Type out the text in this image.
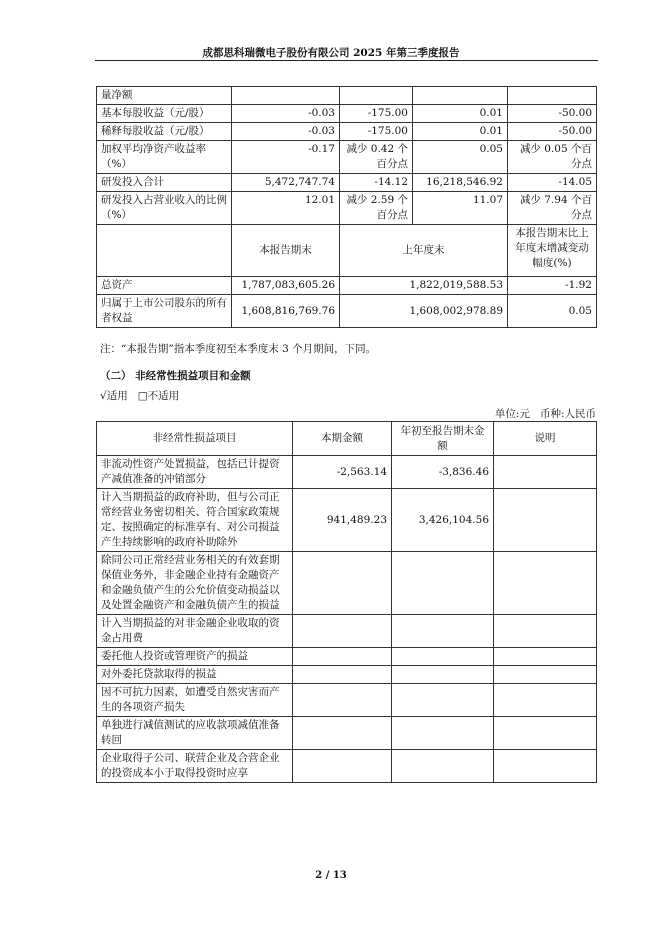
成都思科瑞微电子股份有限公司 2025 年第三季度报告
量净额				
基本每股收益（元/股）	-0.03	-175.00	0.01	-50.00
稀释每股收益（元/股）	-0.03	-175.00	0.01	-50.00
加权平均净资产收益率（%）	-0.17	减少 0.42 个百分点	0.05	减少 0.05 个百分点
研发投入合计	5,472,747.74	-14.12	16,218,546.92	-14.05
研发投入占营业收入的比例（%）	12.01	减少 2.59 个百分点	11.07	减少 7.94 个百分点
	本报告期末	上年度末		本报告期末比上年度末增减变动幅度(%)
总资产	1,787,083,605.26	1,822,019,588.53		-1.92
归属于上市公司股东的所有者权益	1,608,816,769.76	1,608,002,978.89		0.05
注：“本报告期”指本季度初至本季度末 3 个月期间，下同。
（二） 非经常性损益项目和金额
√适用 □不适用
单位:元 币种:人民币
非经常性损益项目	本期金额	年初至报告期末金额	说明
非流动性资产处置损益，包括已计提资产减值准备的冲销部分	-2,563.14	-3,836.46	
计入当期损益的政府补助，但与公司正常经营业务密切相关、符合国家政策规定、按照确定的标准享有、对公司损益产生持续影响的政府补助除外	941,489.23	3,426,104.56	
除同公司正常经营业务相关的有效套期保值业务外，非金融企业持有金融资产和金融负债产生的公允价值变动损益以及处置金融资产和金融负债产生的损益			
计入当期损益的对非金融企业收取的资金占用费			
委托他人投资或管理资产的损益			
对外委托贷款取得的损益			
因不可抗力因素，如遭受自然灾害而产生的各项资产损失			
单独进行减值测试的应收款项减值准备转回			
企业取得子公司、联营企业及合营企业的投资成本小于取得投资时应享			
2 / 13
